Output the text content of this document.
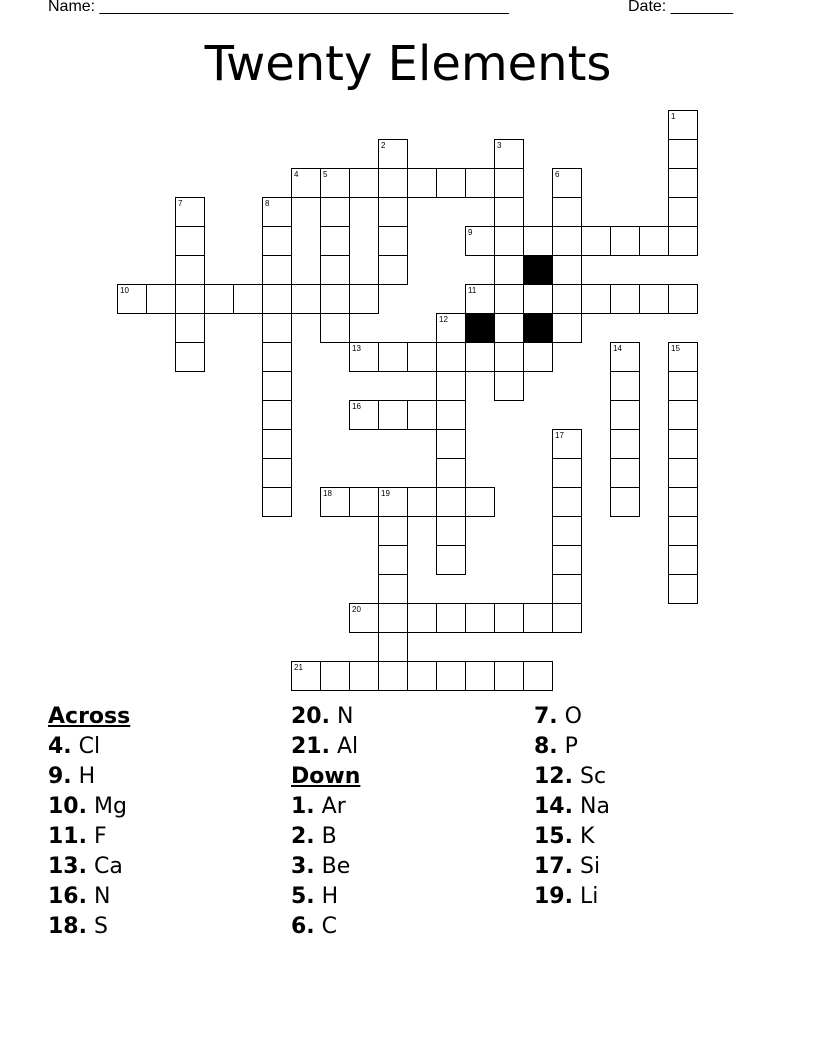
Name: ______________________________________________	Date: _______
Twenty Elements
1
2	3
4	5	6
7	8
9
10	11
12
13	14	15
16
17
18	19
20
21
Across
4. Cl
9. H
10. Mg
11. F
13. Ca
16. N
18. S
20. N
21. Al
Down
1. Ar
2. B
3. Be
5. H
6. C
7. O
8. P
12. Sc
14. Na
15. K
17. Si
19. Li
